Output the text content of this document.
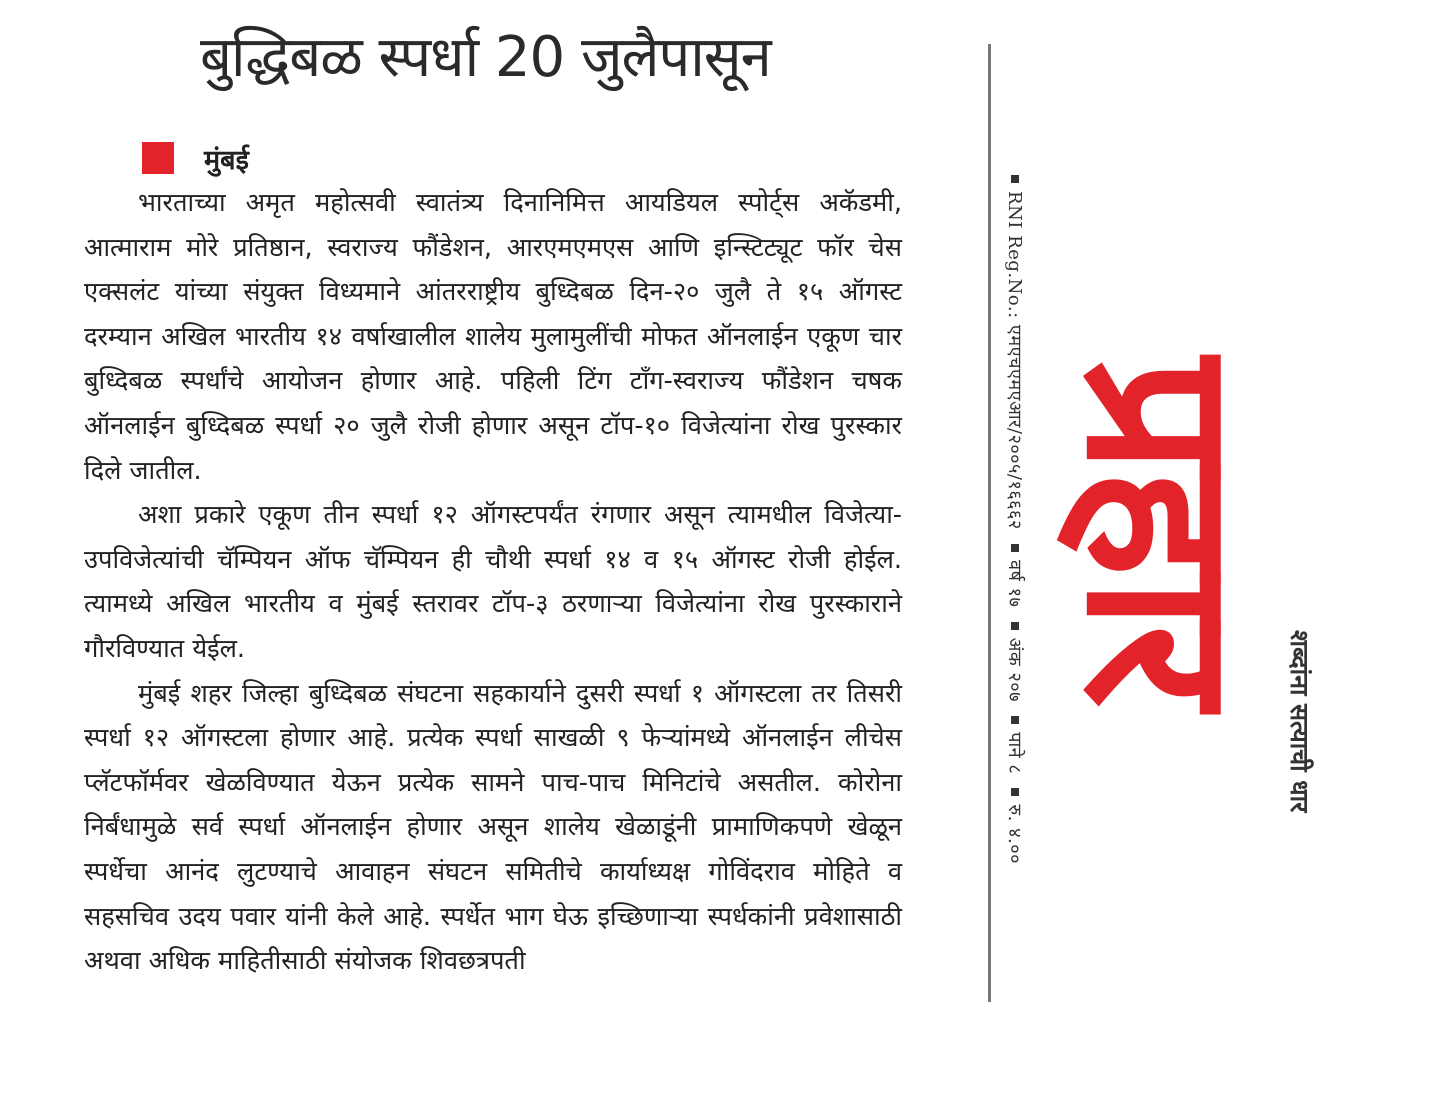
बुद्धिबळ स्पर्धा 20 जुलैपासून
मुंबई

भारताच्या अमृत महोत्सवी स्वातंत्र्य दिनानिमित्त आयडियल स्पोर्ट्स अकॅडमी, आत्माराम मोरे प्रतिष्ठान, स्वराज्य फौंडेशन, आरएमएमएस आणि इन्स्टिट्यूट फॉर चेस एक्सलंट यांच्या संयुक्त विध्यमाने आंतरराष्ट्रीय बुध्दिबळ दिन-२० जुलै ते १५ ऑगस्ट दरम्यान अखिल भारतीय १४ वर्षाखालील शालेय मुलामुलींची मोफत ऑनलाईन एकूण चार बुध्दिबळ स्पर्धांचे आयोजन होणार आहे. पहिली टिंग टाँग-स्वराज्य फौंडेशन चषक ऑनलाईन बुध्दिबळ स्पर्धा २० जुलै रोजी होणार असून टॉप-१० विजेत्यांना रोख पुरस्कार दिले जातील.

अशा प्रकारे एकूण तीन स्पर्धा १२ ऑगस्टपर्यंत रंगणार असून त्यामधील विजेत्या-उपविजेत्यांची चॅम्पियन ऑफ चॅम्पियन ही चौथी स्पर्धा १४ व १५ ऑगस्ट रोजी होईल. त्यामध्ये अखिल भारतीय व मुंबई स्तरावर टॉप-३ ठरणाऱ्या विजेत्यांना रोख पुरस्काराने गौरविण्यात येईल.

मुंबई शहर जिल्हा बुध्दिबळ संघटना सहकार्याने दुसरी स्पर्धा १ ऑगस्टला तर तिसरी स्पर्धा १२ ऑगस्टला होणार आहे. प्रत्येक स्पर्धा साखळी ९ फेऱ्यांमध्ये ऑनलाईन लीचेस प्लॅटफॉर्मवर खेळविण्यात येऊन प्रत्येक सामने पाच-पाच मिनिटांचे असतील. कोरोना निर्बंधामुळे सर्व स्पर्धा ऑनलाईन होणार असून शालेय खेळाडूंनी प्रामाणिकपणे खेळून स्पर्धेचा आनंद लुटण्याचे आवाहन संघटन समितीचे कार्याध्यक्ष गोविंदराव मोहिते व सहसचिव उदय पवार यांनी केले आहे. स्पर्धेत भाग घेऊ इच्छिणाऱ्या स्पर्धकांनी प्रवेशासाठी अथवा अधिक माहितीसाठी संयोजक शिवछत्रपती

RNI Reg.No.: एमएचएमएआर/२००५/१६६६२ वर्ष १७ अंक २०७ पाने ८ रु. ४.००
प्रहार
शब्दांना सत्याची धार
